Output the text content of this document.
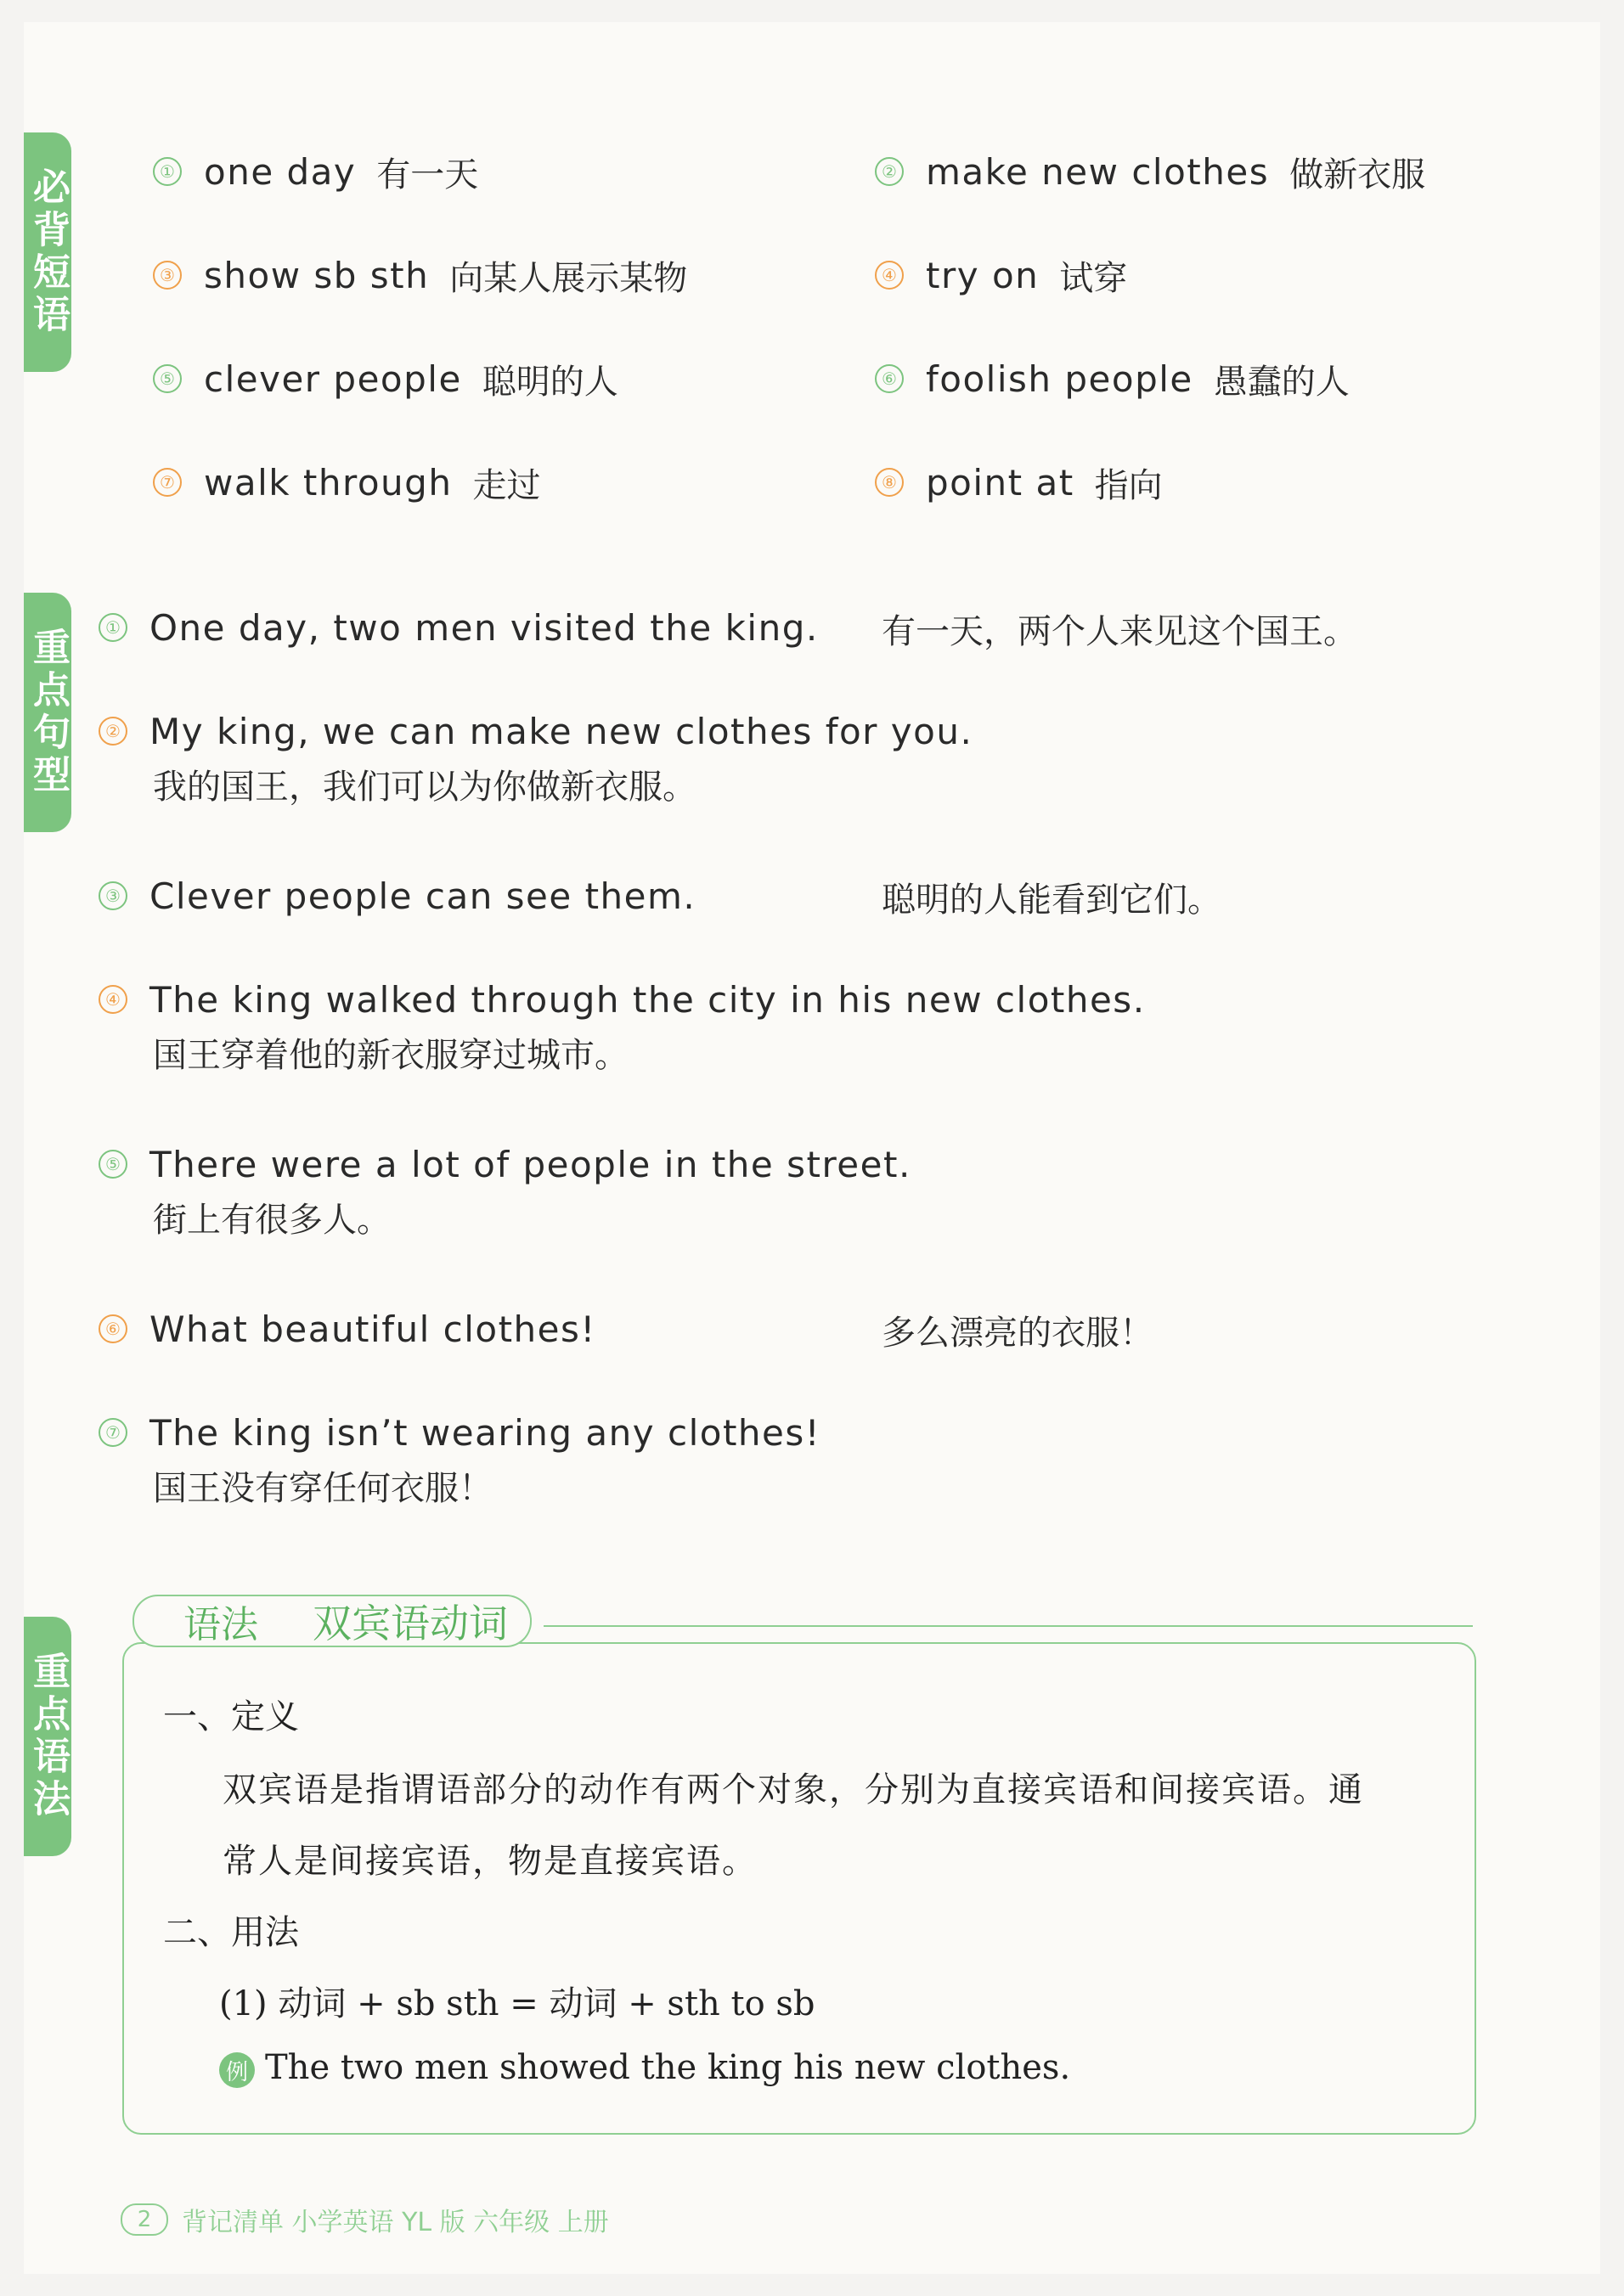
必背短语
重点句型
重点语法
① one day 有一天	② make new clothes 做新衣服
③ show sb sth 向某人展示某物	④ try on 试穿
⑤ clever people 聪明的人	⑥ foolish people 愚蠢的人
⑦ walk through 走过	⑧ point at 指向
① One day, two men visited the king. 有一天，两个人来见这个国王。
② My king, we can make new clothes for you.
我的国王，我们可以为你做新衣服。
③ Clever people can see them.	聪明的人能看到它们。
④ The king walked through the city in his new clothes.
国王穿着他的新衣服穿过城市。
⑤ There were a lot of people in the street.
街上有很多人。
⑥ What beautiful clothes!	多么漂亮的衣服！
⑦ The king isn’t wearing any clothes!
国王没有穿任何衣服！
语法	双宾语动词
一、定义
双宾语是指谓语部分的动作有两个对象，分别为直接宾语和间接宾语。通
常人是间接宾语，物是直接宾语。
二、用法
(1) 动词 + sb sth = 动词 + sth to sb
例 The two men showed the king his new clothes.
2	背记清单 小学英语 YL 版 六年级 上册
